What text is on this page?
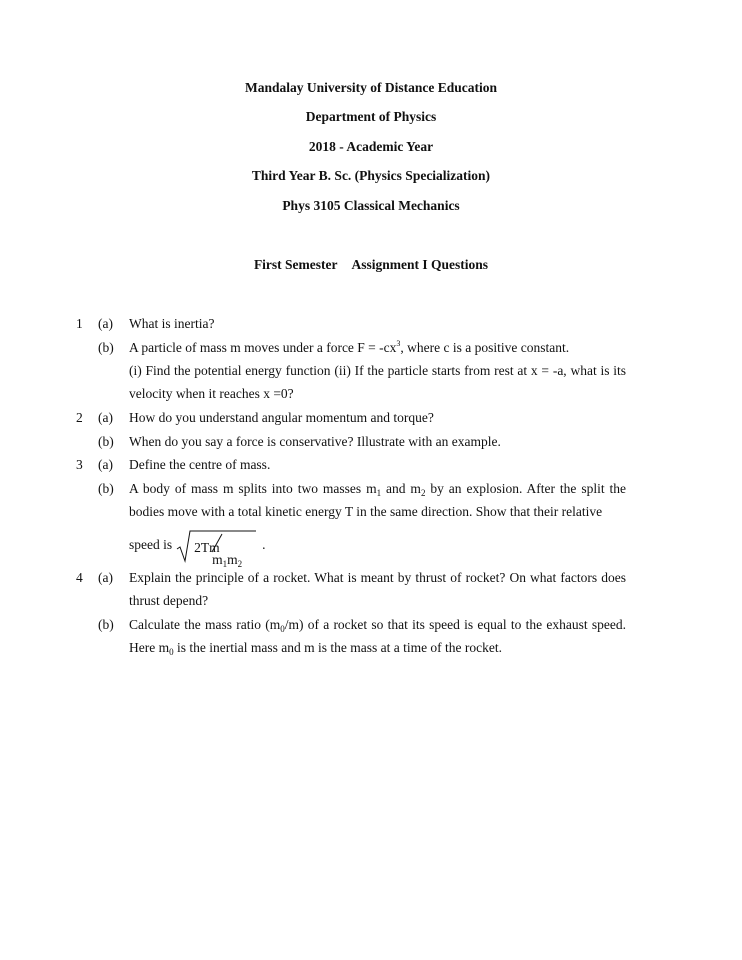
Mandalay University of Distance Education
Department of Physics
2018 - Academic Year
Third Year B. Sc. (Physics Specialization)
Phys 3105 Classical Mechanics
First Semester Assignment I Questions
1	(a)	What is inertia?
(b)	A particle of mass m moves under a force $F = -cx^3$, where c is a positive constant.
(i) Find the potential energy function (ii) If the particle starts from rest at x = -a, what is its velocity when it reaches x =0?
2	(a)	How do you understand angular momentum and torque?
(b)	When do you say a force is conservative? Illustrate with an example.
3	(a)	Define the centre of mass.
(b)	A body of mass m splits into two masses $m_1$ and $m_2$ by an explosion. After the split the bodies move with a total kinetic energy T in the same direction. Show that their relative
speed is 2Tm
$m_1m_2$
.
4	(a)	Explain the principle of a rocket. What is meant by thrust of rocket? On what factors does thrust depend?
(b)	Calculate the mass ratio $(m_0/m)$ of a rocket so that its speed is equal to the exhaust speed. Here $m_0$ is the inertial mass and m is the mass at a time of the rocket.
